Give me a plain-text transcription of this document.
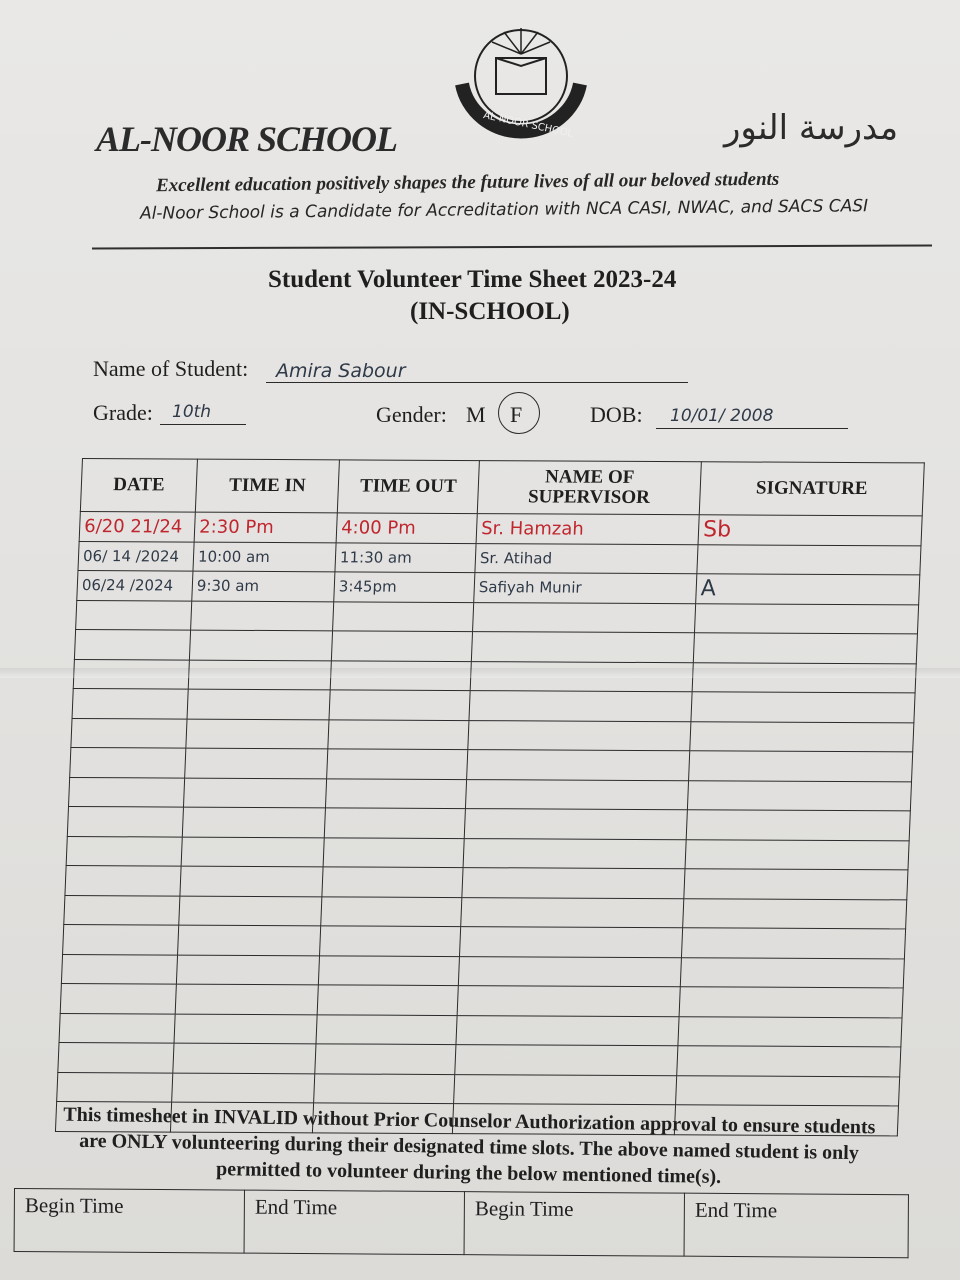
AL-NOOR SCHOOL
AL-NOOR SCHOOL	مدرسة النور
Excellent education positively shapes the future lives of all our beloved students
Al-Noor School is a Candidate for Accreditation with NCA CASI, NWAC, and SACS CASI
Student Volunteer Time Sheet 2023-24
(IN-SCHOOL)
Name of Student: Amira Sabour
Grade: 10th	Gender: M F	DOB: 10/01/ 2008
DATE	TIME IN	TIME OUT	NAME OF SUPERVISOR	SIGNATURE
6/20 21/24	2:30 Pm	4:00 Pm	Sr. Hamzah	Sb
06/ 14 /2024	10:00 am	11:30 am	Sr. Atihad	
06/24 /2024	9:30 am	3:45pm	Safiyah Munir	A

This timesheet in INVALID without Prior Counselor Authorization approval to ensure students are ONLY volunteering during their designated time slots. The above named student is only permitted to volunteer during the below mentioned time(s).
Begin Time	End Time	Begin Time	End Time
